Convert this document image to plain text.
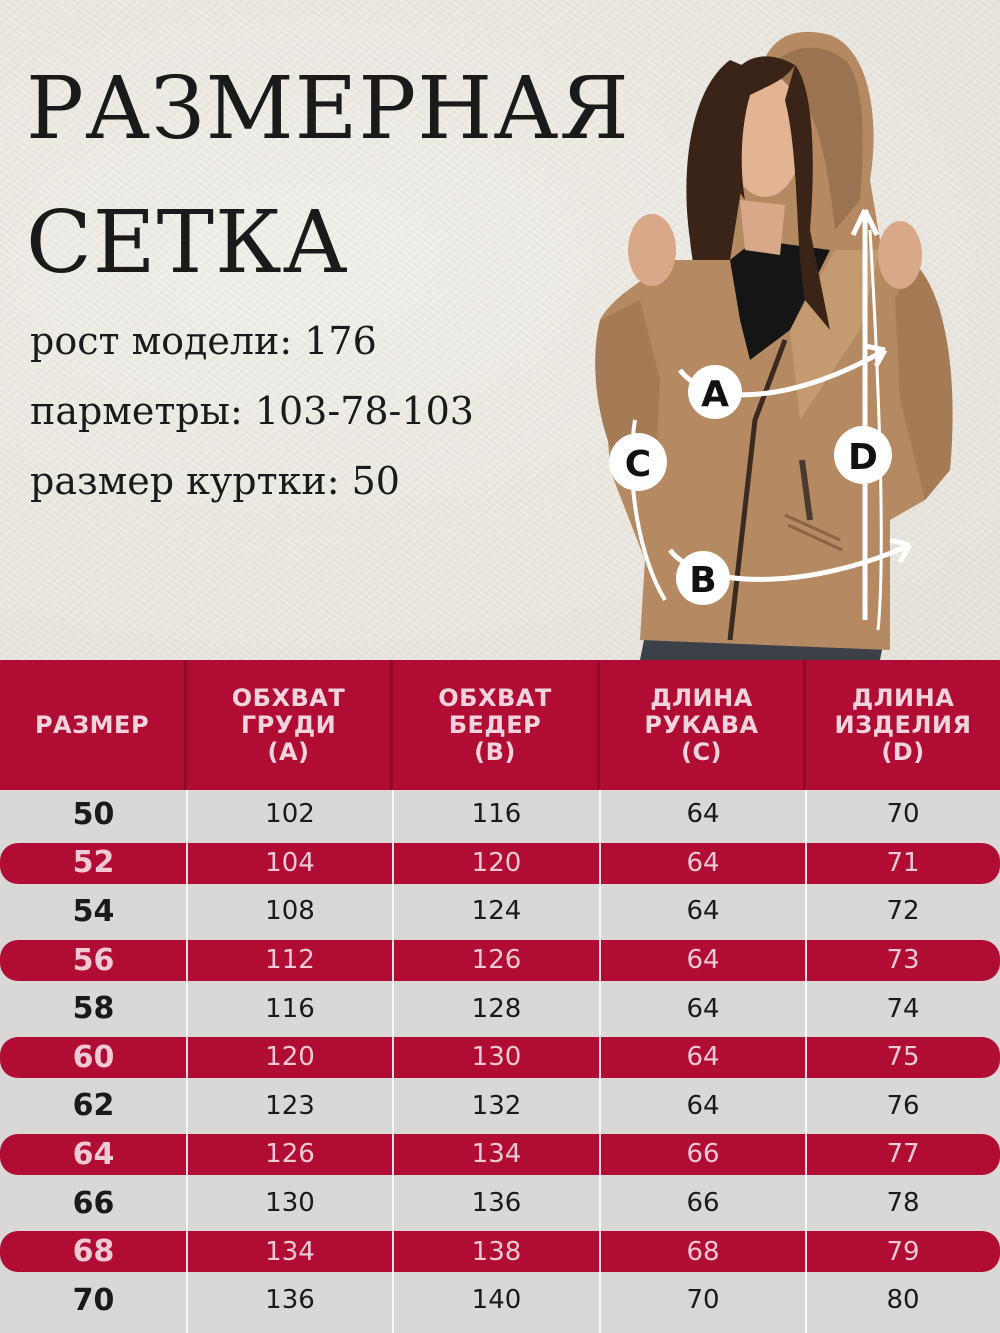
РАЗМЕРНАЯ
СЕТКА
рост модели: 176
парметры: 103-78-103
размер куртки: 50
A
B
C	D
РАЗМЕР
ОБХВАТ
ГРУДИ
(A)
ОБХВАТ
БЕДЕР
(B)
ДЛИНА
РУКАВА
(C)
ДЛИНА
ИЗДЕЛИЯ
(D)
50	102	116	64	70
52	104	120	64	71
54	108	124	64	72
56	112	126	64	73
58	116	128	64	74
60	120	130	64	75
62	123	132	64	76
64	126	134	66	77
66	130	136	66	78
68	134	138	68	79
70	136	140	70	80
